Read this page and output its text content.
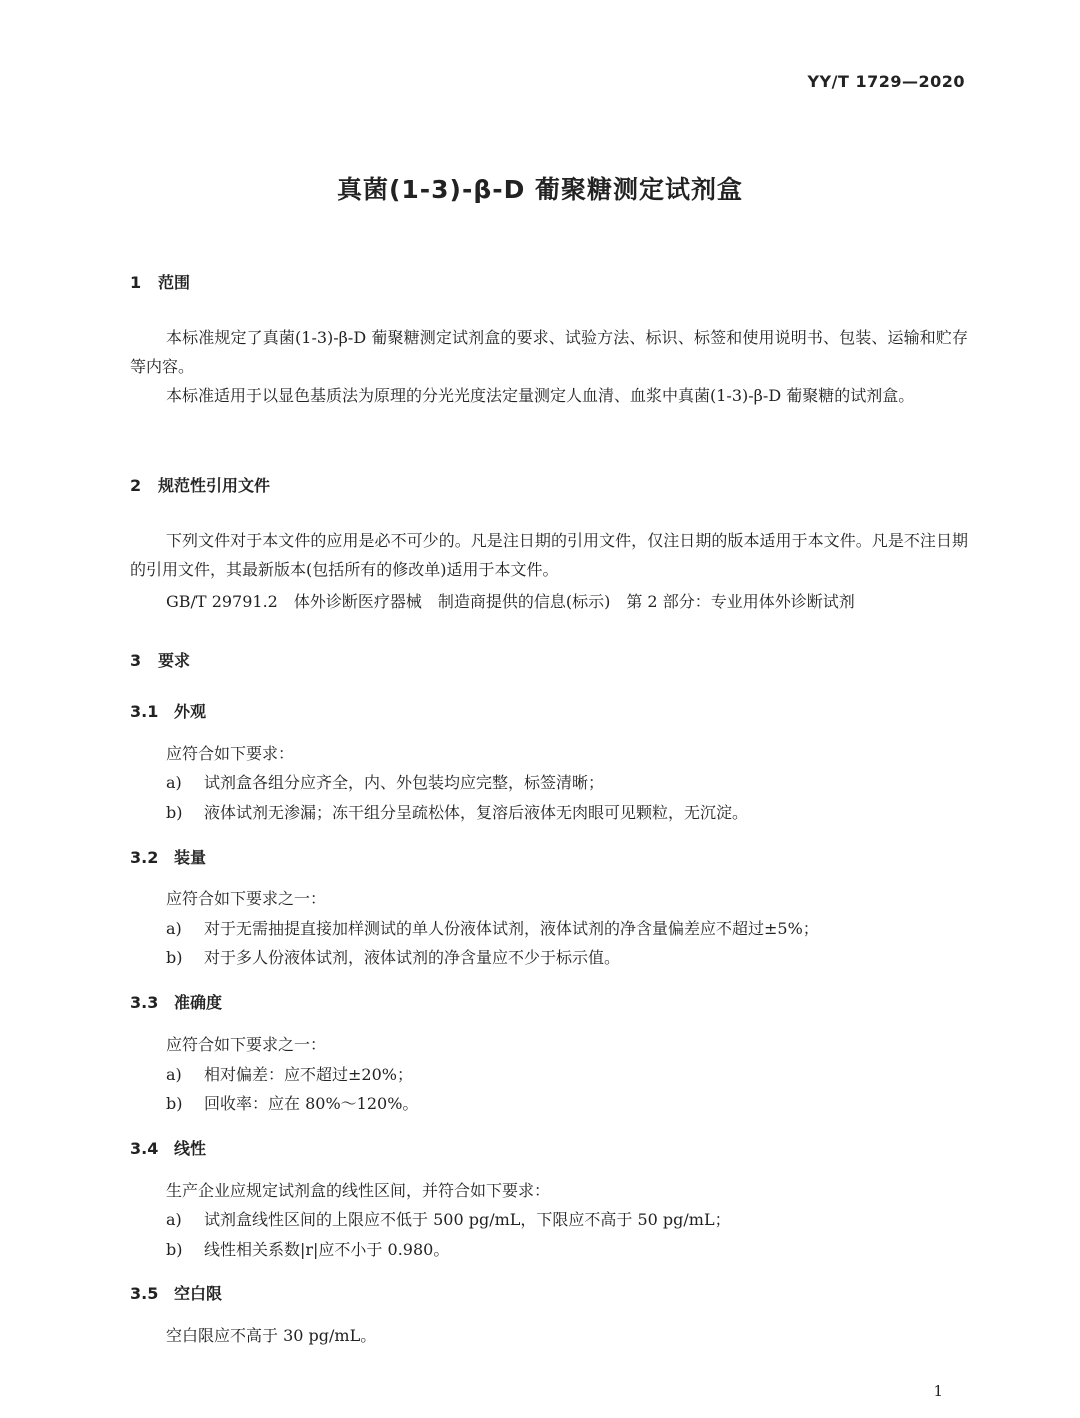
YY/T 1729—2020
真菌(1-3)-β-D 葡聚糖测定试剂盒
1 范围
本标准规定了真菌(1-3)-β-D 葡聚糖测定试剂盒的要求、试验方法、标识、标签和使用说明书、包装、运输和贮存等内容。
本标准适用于以显色基质法为原理的分光光度法定量测定人血清、血浆中真菌(1-3)-β-D 葡聚糖的试剂盒。
2 规范性引用文件
下列文件对于本文件的应用是必不可少的。凡是注日期的引用文件，仅注日期的版本适用于本文件。凡是不注日期的引用文件，其最新版本(包括所有的修改单)适用于本文件。
GB/T 29791.2　体外诊断医疗器械　制造商提供的信息(标示)　第 2 部分：专业用体外诊断试剂
3 要求
3.1 外观
应符合如下要求：
a) 试剂盒各组分应齐全，内、外包装均应完整，标签清晰；
b) 液体试剂无渗漏；冻干组分呈疏松体，复溶后液体无肉眼可见颗粒，无沉淀。
3.2 装量
应符合如下要求之一：
a) 对于无需抽提直接加样测试的单人份液体试剂，液体试剂的净含量偏差应不超过±5%；
b) 对于多人份液体试剂，液体试剂的净含量应不少于标示值。
3.3 准确度
应符合如下要求之一：
a) 相对偏差：应不超过±20%；
b) 回收率：应在 80%～120%。
3.4 线性
生产企业应规定试剂盒的线性区间，并符合如下要求：
a) 试剂盒线性区间的上限应不低于 500 pg/mL，下限应不高于 50 pg/mL；
b) 线性相关系数|r|应不小于 0.980。
3.5 空白限
空白限应不高于 30 pg/mL。
1
